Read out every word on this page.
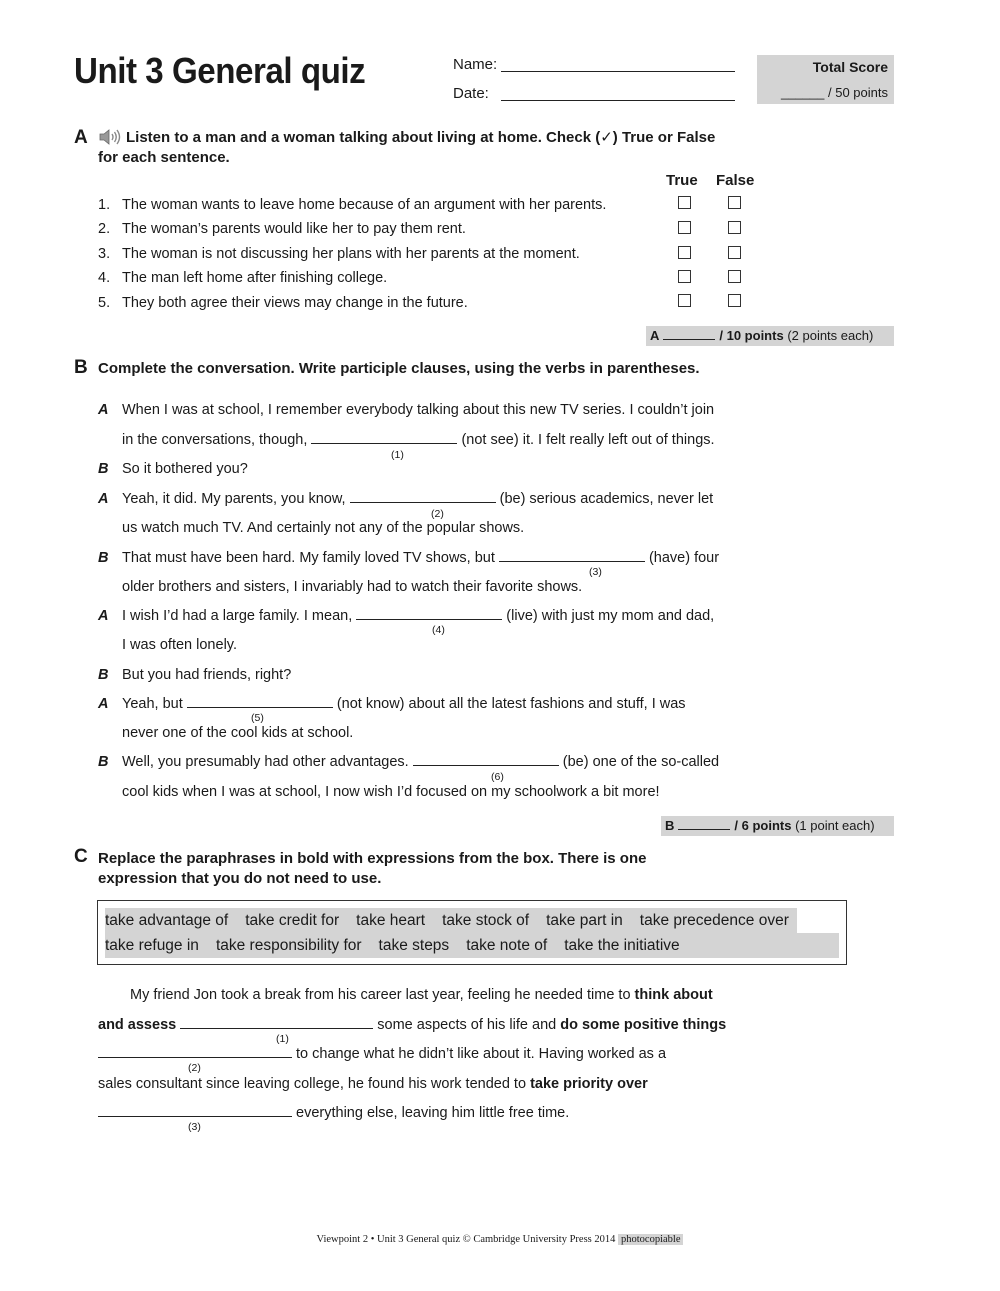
Unit 3 General quiz	Name:
Date:
Total Score
______ / 50 points
A	Listen to a man and a woman talking about living at home. Check (✓) True or False
for each sentence.
True False
1. The woman wants to leave home because of an argument with her parents.
2. The woman’s parents would like her to pay them rent.
3. The woman is not discussing her plans with her parents at the moment.
4. The man left home after finishing college.
5. They both agree their views may change in the future.
A	/ 10 points (2 points each)
B Complete the conversation. Write participle clauses, using the verbs in parentheses.
A When I was at school, I remember everybody talking about this new TV series. I couldn’t join
in the conversations, though,	(not see) it. I felt really left out of things.
(1)
B So it bothered you?
A Yeah, it did. My parents, you know,	(be) serious academics, never let
(2)
us watch much TV. And certainly not any of the popular shows.
B That must have been hard. My family loved TV shows, but	(have) four
(3)
older brothers and sisters, I invariably had to watch their favorite shows.
A I wish I’d had a large family. I mean,	(live) with just my mom and dad,
(4)
I was often lonely.
B But you had friends, right?
A Yeah, but	(not know) about all the latest fashions and stuff, I was
(5)
never one of the cool kids at school.
B Well, you presumably had other advantages.	(be) one of the so-called
(6)
cool kids when I was at school, I now wish I’d focused on my schoolwork a bit more!
B	/ 6 points (1 point each)
C Replace the paraphrases in bold with expressions from the box. There is one
expression that you do not need to use.
take advantage of take credit for take heart take stock of take part in take precedence over
take refuge in take responsibility for take steps take note of take the initiative
My friend Jon took a break from his career last year, feeling he needed time to think about
and assess	some aspects of his life and do some positive things
(1)
to change what he didn’t like about it. Having worked as a
(2)
sales consultant since leaving college, he found his work tended to take priority over
everything else, leaving him little free time.
(3)
Viewpoint 2 • Unit 3 General quiz © Cambridge University Press 2014 photocopiable
